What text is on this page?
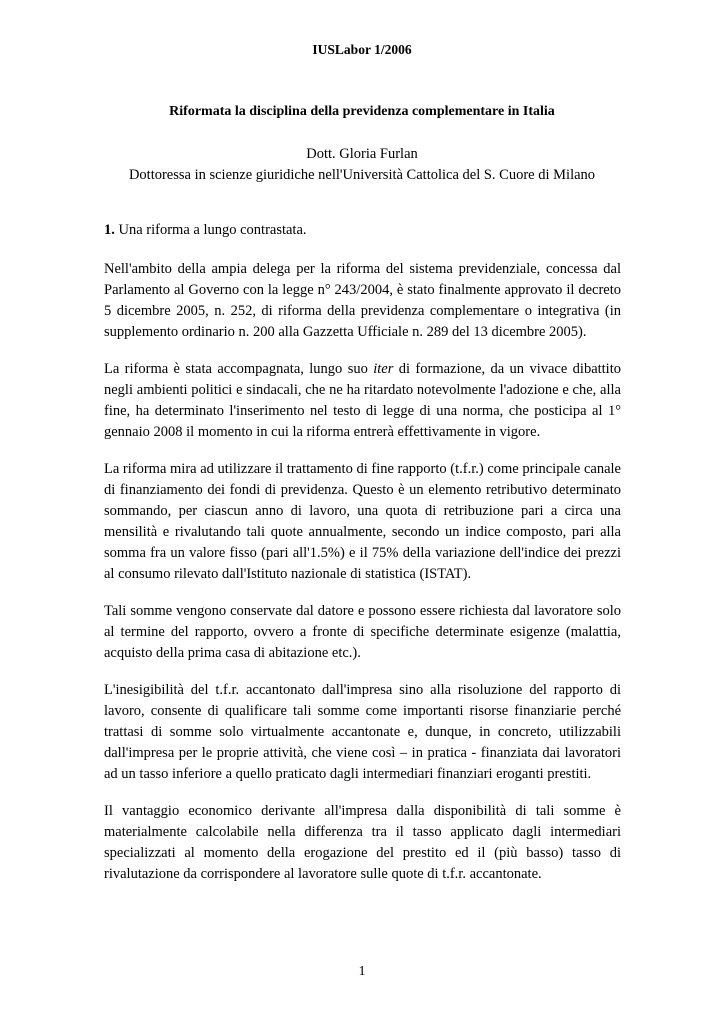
IUSLabor 1/2006
Riformata la disciplina della previdenza complementare in Italia
Dott. Gloria Furlan
Dottoressa in scienze giuridiche nell'Università Cattolica del S. Cuore di Milano

1. Una riforma a lungo contrastata.

Nell'ambito della ampia delega per la riforma del sistema previdenziale, concessa dal Parlamento al Governo con la legge n° 243/2004, è stato finalmente approvato il decreto 5 dicembre 2005, n. 252, di riforma della previdenza complementare o integrativa (in supplemento ordinario n. 200 alla Gazzetta Ufficiale n. 289 del 13 dicembre 2005).

La riforma è stata accompagnata, lungo suo iter di formazione, da un vivace dibattito negli ambienti politici e sindacali, che ne ha ritardato notevolmente l'adozione e che, alla fine, ha determinato l'inserimento nel testo di legge di una norma, che posticipa al 1° gennaio 2008 il momento in cui la riforma entrerà effettivamente in vigore.

La riforma mira ad utilizzare il trattamento di fine rapporto (t.f.r.) come principale canale di finanziamento dei fondi di previdenza. Questo è un elemento retributivo determinato sommando, per ciascun anno di lavoro, una quota di retribuzione pari a circa una mensilità e rivalutando tali quote annualmente, secondo un indice composto, pari alla somma fra un valore fisso (pari all'1.5%) e il 75% della variazione dell'indice dei prezzi al consumo rilevato dall'Istituto nazionale di statistica (ISTAT).

Tali somme vengono conservate dal datore e possono essere richiesta dal lavoratore solo al termine del rapporto, ovvero a fronte di specifiche determinate esigenze (malattia, acquisto della prima casa di abitazione etc.).

L'inesigibilità del t.f.r. accantonato dall'impresa sino alla risoluzione del rapporto di lavoro, consente di qualificare tali somme come importanti risorse finanziarie perché trattasi di somme solo virtualmente accantonate e, dunque, in concreto, utilizzabili dall'impresa per le proprie attività, che viene così – in pratica - finanziata dai lavoratori ad un tasso inferiore a quello praticato dagli intermediari finanziari eroganti prestiti.

Il vantaggio economico derivante all'impresa dalla disponibilità di tali somme è materialmente calcolabile nella differenza tra il tasso applicato dagli intermediari specializzati al momento della erogazione del prestito ed il (più basso) tasso di rivalutazione da corrispondere al lavoratore sulle quote di t.f.r. accantonate.

1
